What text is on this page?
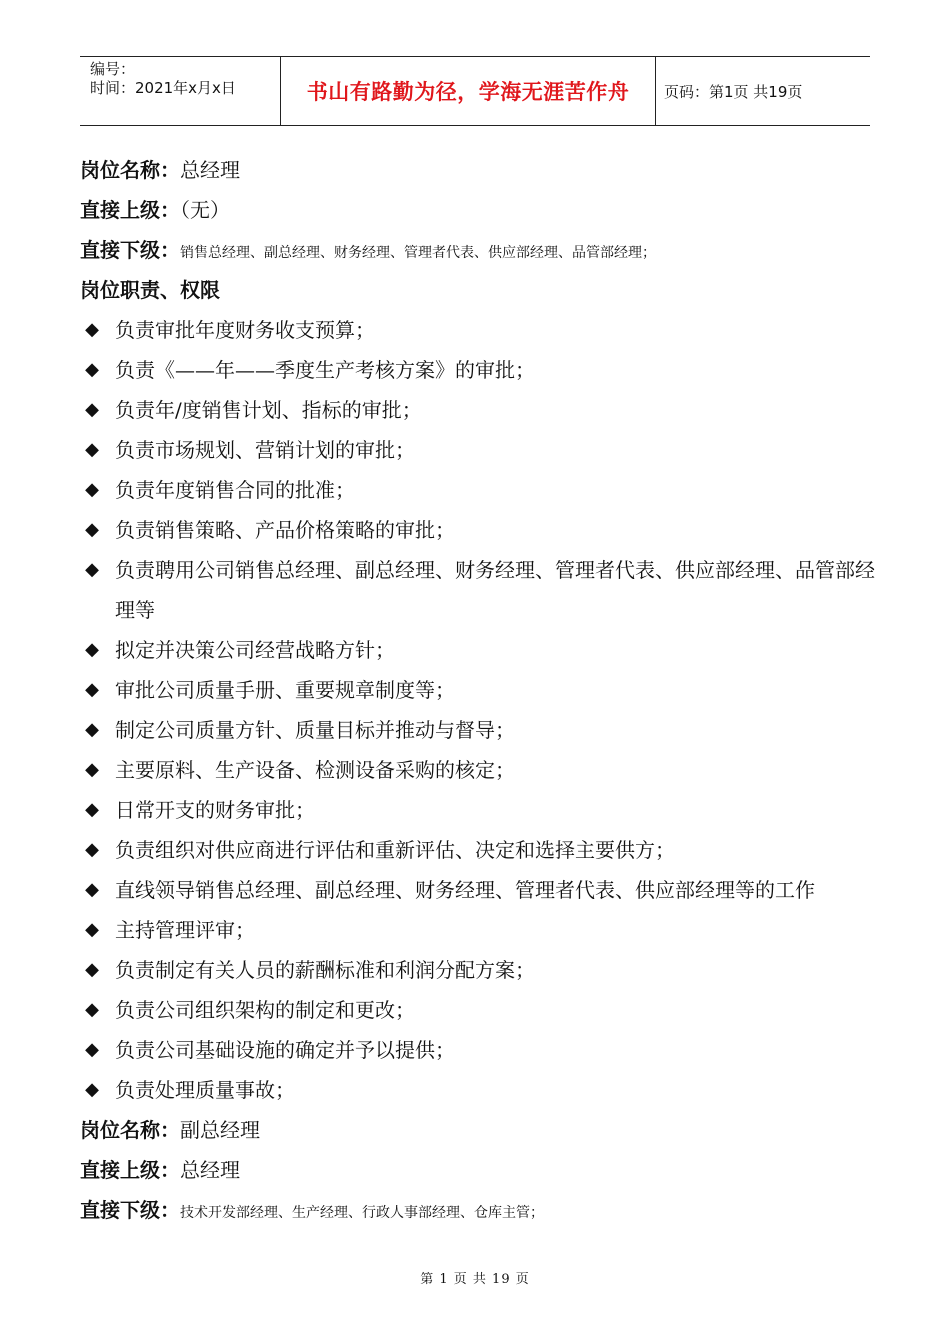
编号：
时间：2021年x月x日	书山有路勤为径，学海无涯苦作舟 页码：第1页 共19页
岗位名称：总经理
直接上级：（无）
直接下级：销售总经理、副总经理、财务经理、管理者代表、供应部经理、品管部经理；
岗位职责、权限
◆ 负责审批年度财务收支预算；
◆ 负责《——年——季度生产考核方案》的审批；
◆ 负责年/度销售计划、指标的审批；
◆ 负责市场规划、营销计划的审批；
◆ 负责年度销售合同的批准；
◆ 负责销售策略、产品价格策略的审批；
◆ 负责聘用公司销售总经理、副总经理、财务经理、管理者代表、供应部经理、品管部经理等
◆ 拟定并决策公司经营战略方针；
◆ 审批公司质量手册、重要规章制度等；
◆ 制定公司质量方针、质量目标并推动与督导；
◆ 主要原料、生产设备、检测设备采购的核定；
◆ 日常开支的财务审批；
◆ 负责组织对供应商进行评估和重新评估、决定和选择主要供方；
◆ 直线领导销售总经理、副总经理、财务经理、管理者代表、供应部经理等的工作
◆ 主持管理评审；
◆ 负责制定有关人员的薪酬标准和利润分配方案；
◆ 负责公司组织架构的制定和更改；
◆ 负责公司基础设施的确定并予以提供；
◆ 负责处理质量事故；
岗位名称：副总经理
直接上级：总经理
直接下级：技术开发部经理、生产经理、行政人事部经理、仓库主管；
第 1 页 共 19 页
